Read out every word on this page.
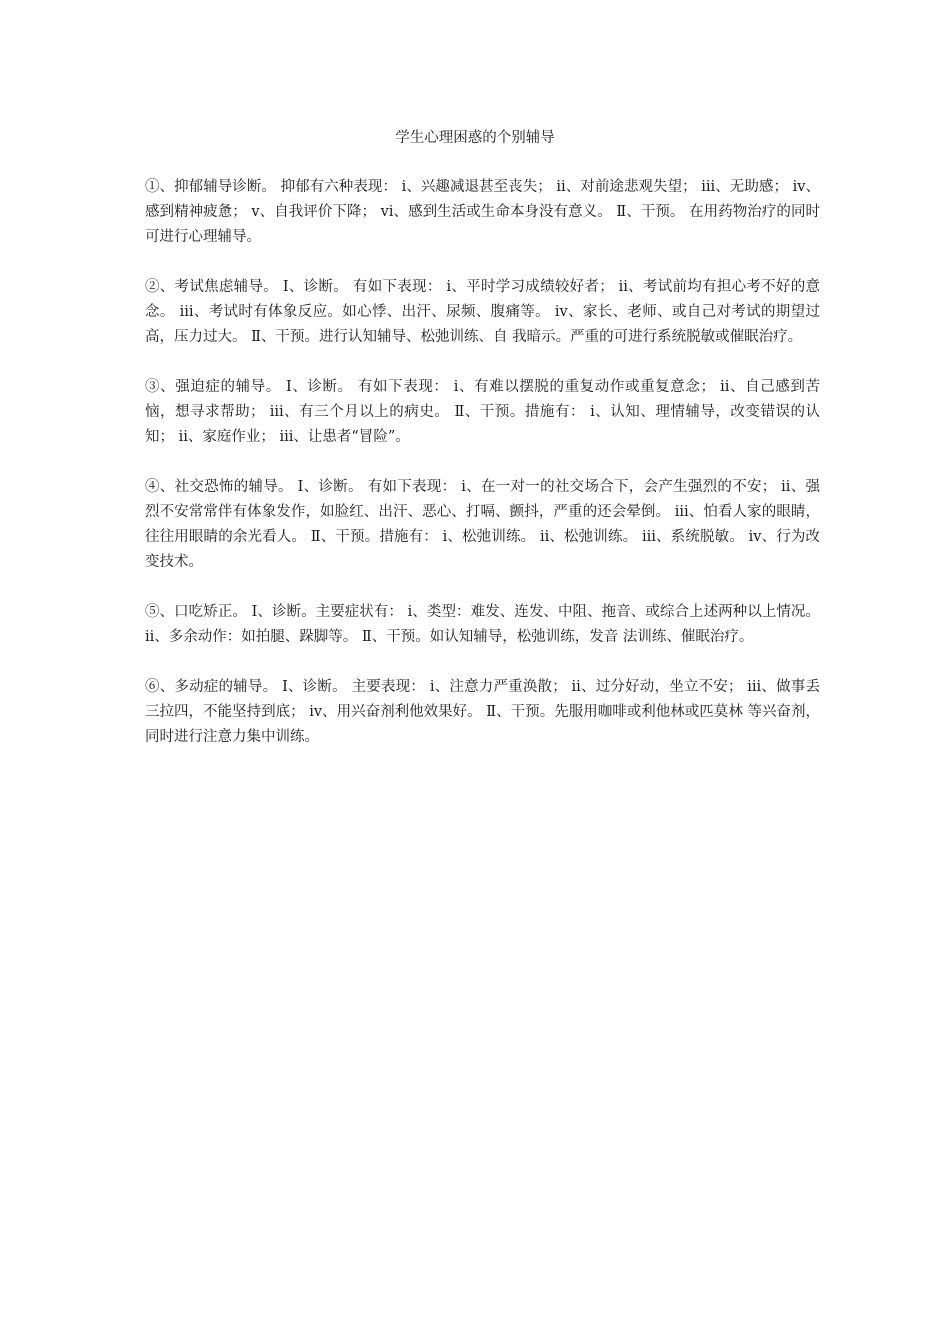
学生心理困惑的个别辅导

①、抑郁辅导诊断。 抑郁有六种表现： ⅰ、兴趣减退甚至丧失； ⅱ、对前途悲观失望； ⅲ、无助感； ⅳ、感到精神疲惫； ⅴ、自我评价下降； ⅵ、感到生活或生命本身没有意义。 Ⅱ、干预。 在用药物治疗的同时可进行心理辅导。

②、考试焦虑辅导。 Ⅰ、诊断。 有如下表现： ⅰ、平时学习成绩较好者； ⅱ、考试前均有担心考不好的意念。 ⅲ、考试时有体象反应。如心悸、出汗、尿频、腹痛等。 ⅳ、家长、老师、或自己对考试的期望过高，压力过大。 Ⅱ、干预。进行认知辅导、松弛训练、自 我暗示。严重的可进行系统脱敏或催眠治疗。

③、强迫症的辅导。 Ⅰ、诊断。 有如下表现： ⅰ、有难以摆脱的重复动作或重复意念； ⅱ、自己感到苦恼，想寻求帮助； ⅲ、有三个月以上的病史。 Ⅱ、干预。措施有： ⅰ、认知、理情辅导，改变错误的认知； ⅱ、家庭作业； ⅲ、让患者“冒险”。

④、社交恐怖的辅导。 Ⅰ、诊断。 有如下表现： ⅰ、在一对一的社交场合下，会产生强烈的不安； ⅱ、强烈不安常常伴有体象发作，如脸红、出汗、恶心、打嗝、颤抖，严重的还会晕倒。 ⅲ、怕看人家的眼睛，往往用眼睛的余光看人。 Ⅱ、干预。措施有： ⅰ、松弛训练。 ⅱ、松弛训练。 ⅲ、系统脱敏。 ⅳ、行为改变技术。

⑤、口吃矫正。 Ⅰ、诊断。主要症状有： ⅰ、类型：难发、连发、中阻、拖音、或综合上述两种以上情况。 ⅱ、多余动作：如拍腿、跺脚等。 Ⅱ、干预。如认知辅导，松弛训练，发音 法训练、催眠治疗。

⑥、多动症的辅导。 Ⅰ、诊断。 主要表现： ⅰ、注意力严重涣散； ⅱ、过分好动，坐立不安； ⅲ、做事丢三拉四，不能坚持到底； ⅳ、用兴奋剂利他效果好。 Ⅱ、干预。先服用咖啡或利他林或匹莫林 等兴奋剂，同时进行注意力集中训练。
